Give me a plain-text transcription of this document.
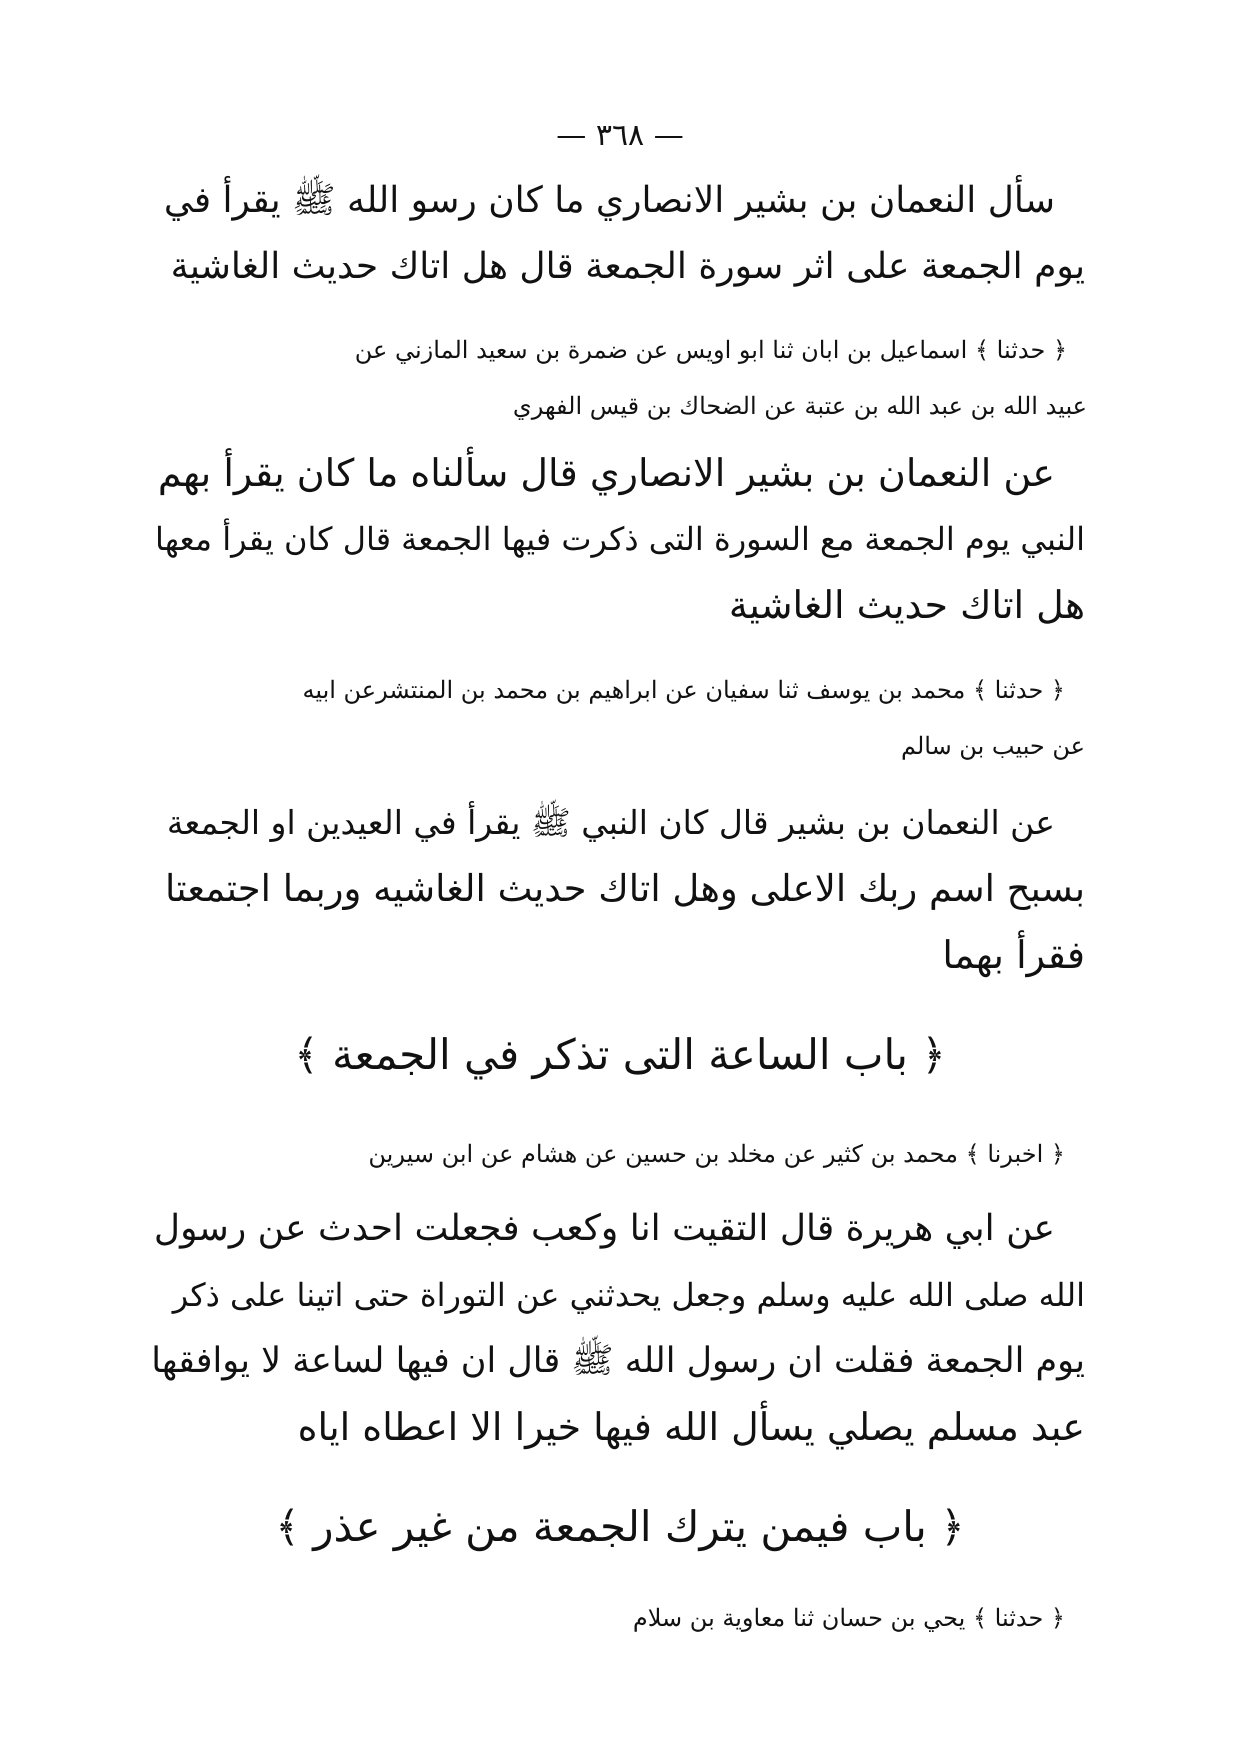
— ٣٦٨ —
سأل النعمان بن بشير الانصاري ما كان رسو الله ﷺ يقرأ في
يوم الجمعة على اثر سورة الجمعة قال هل اتاك حديث الغاشية
﴿ حدثنا ﴾ اسماعيل بن ابان ثنا ابو اويس عن ضمرة بن سعيد المازني عن
عبيد الله بن عبد الله بن عتبة عن الضحاك بن قيس الفهري
عن النعمان بن بشير الانصاري قال سألناه ما كان يقرأ بهم
النبي يوم الجمعة مع السورة التى ذكرت فيها الجمعة قال كان يقرأ معها
هل اتاك حديث الغاشية
﴿ حدثنا ﴾ محمد بن يوسف ثنا سفيان عن ابراهيم بن محمد بن المنتشرعن ابيه
عن حبيب بن سالم
عن النعمان بن بشير قال كان النبي ﷺ يقرأ في العيدين او الجمعة
بسبح اسم ربك الاعلى وهل اتاك حديث الغاشيه وربما اجتمعتا
فقرأ بهما
﴿ باب الساعة التى تذكر في الجمعة ﴾
﴿ اخبرنا ﴾ محمد بن كثير عن مخلد بن حسين عن هشام عن ابن سيرين
عن ابي هريرة قال التقيت انا وكعب فجعلت احدث عن رسول
الله صلى الله عليه وسلم وجعل يحدثني عن التوراة حتى اتينا على ذكر
يوم الجمعة فقلت ان رسول الله ﷺ قال ان فيها لساعة لا يوافقها
عبد مسلم يصلي يسأل الله فيها خيرا الا اعطاه اياه
﴿ باب فيمن يترك الجمعة من غير عذر ﴾
﴿ حدثنا ﴾ يحي بن حسان ثنا معاوية بن سلام
